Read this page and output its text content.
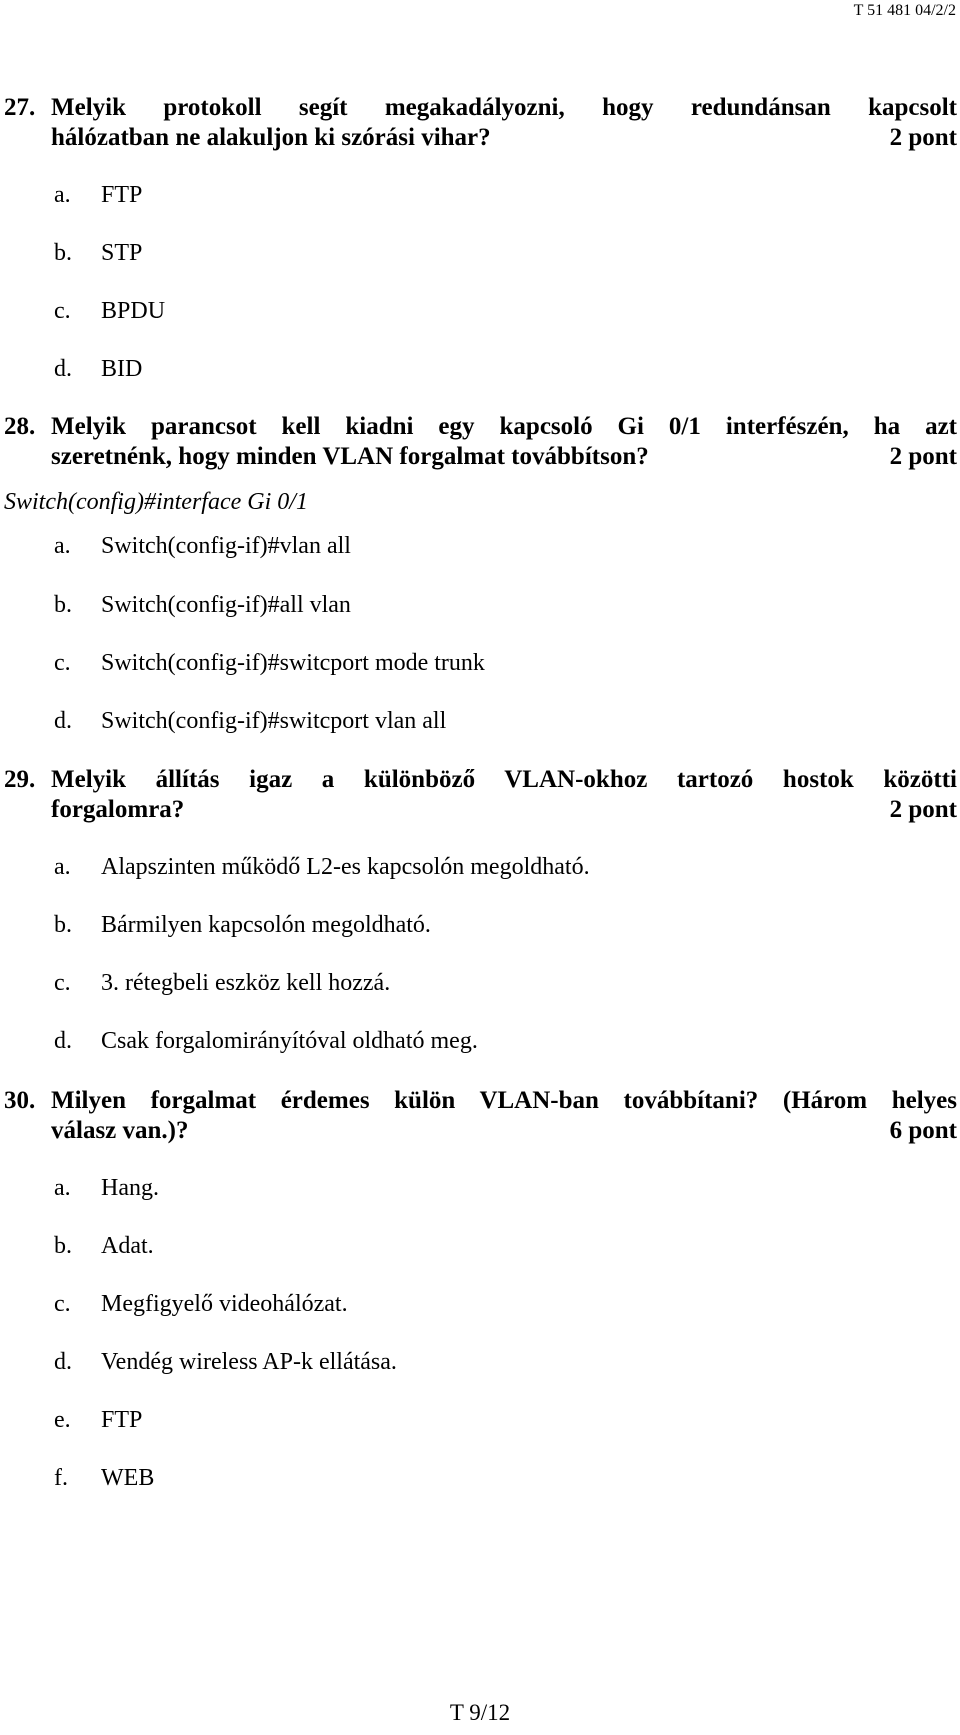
T 51 481 04/2/2
27. Melyik protokoll segít megakadályozni, hogy redundánsan kapcsolt
hálózatban ne alakuljon ki szórási vihar?	2 pont
a. FTP
b. STP
c. BPDU
d. BID
28. Melyik parancsot kell kiadni egy kapcsoló Gi 0/1 interfészén, ha azt
szeretnénk, hogy minden VLAN forgalmat továbbítson?	2 pont
Switch(config)#interface Gi 0/1
a. Switch(config-if)#vlan all
b. Switch(config-if)#all vlan
c. Switch(config-if)#switcport mode trunk
d. Switch(config-if)#switcport vlan all
29. Melyik állítás igaz a különböző VLAN-okhoz tartozó hostok közötti
forgalomra?	2 pont
a. Alapszinten működő L2-es kapcsolón megoldható.
b. Bármilyen kapcsolón megoldható.
c. 3. rétegbeli eszköz kell hozzá.
d. Csak forgalomirányítóval oldható meg.
30. Milyen forgalmat érdemes külön VLAN-ban továbbítani? (Három helyes
válasz van.)?	6 pont
a. Hang.
b. Adat.
c. Megfigyelő videohálózat.
d. Vendég wireless AP-k ellátása.
e. FTP
f. WEB
T 9/12
